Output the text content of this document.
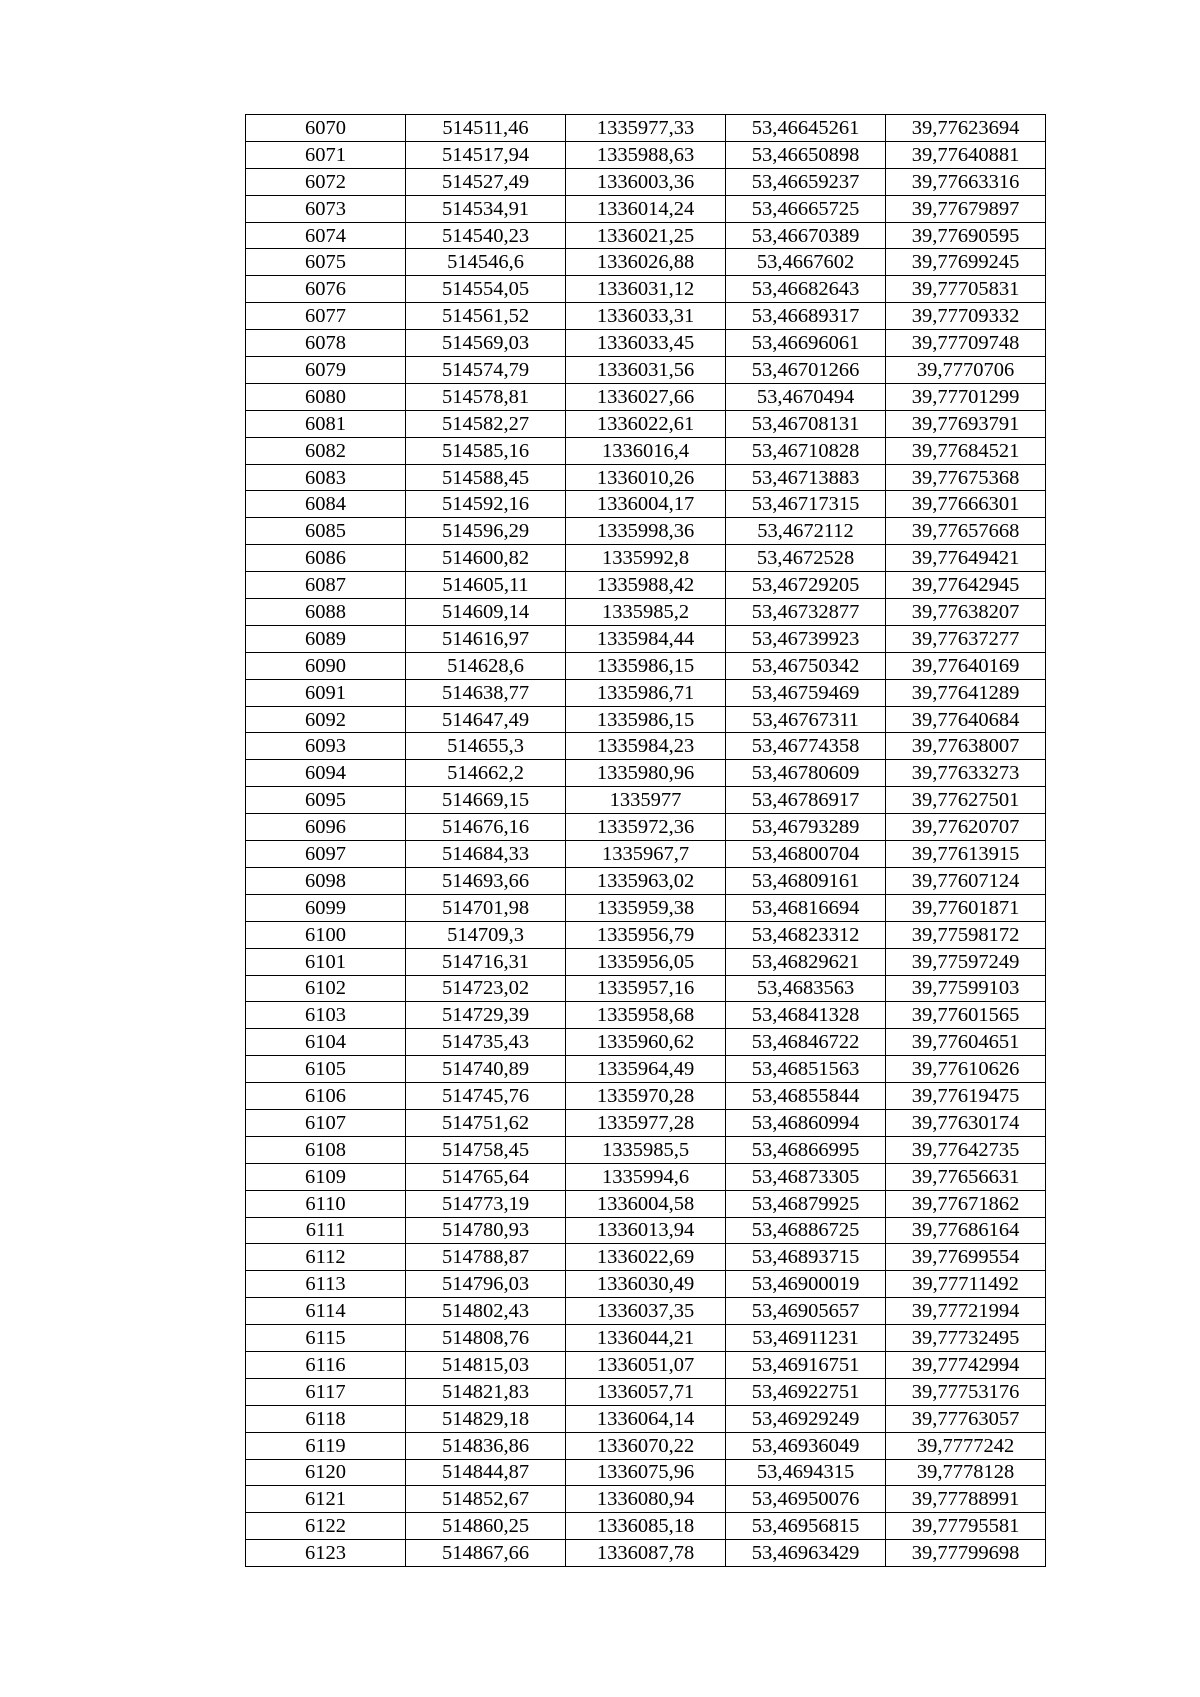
6070	514511,46	1335977,33	53,46645261	39,77623694
6071	514517,94	1335988,63	53,46650898	39,77640881
6072	514527,49	1336003,36	53,46659237	39,77663316
6073	514534,91	1336014,24	53,46665725	39,77679897
6074	514540,23	1336021,25	53,46670389	39,77690595
6075	514546,6	1336026,88	53,4667602	39,77699245
6076	514554,05	1336031,12	53,46682643	39,77705831
6077	514561,52	1336033,31	53,46689317	39,77709332
6078	514569,03	1336033,45	53,46696061	39,77709748
6079	514574,79	1336031,56	53,46701266	39,7770706
6080	514578,81	1336027,66	53,4670494	39,77701299
6081	514582,27	1336022,61	53,46708131	39,77693791
6082	514585,16	1336016,4	53,46710828	39,77684521
6083	514588,45	1336010,26	53,46713883	39,77675368
6084	514592,16	1336004,17	53,46717315	39,77666301
6085	514596,29	1335998,36	53,4672112	39,77657668
6086	514600,82	1335992,8	53,4672528	39,77649421
6087	514605,11	1335988,42	53,46729205	39,77642945
6088	514609,14	1335985,2	53,46732877	39,77638207
6089	514616,97	1335984,44	53,46739923	39,77637277
6090	514628,6	1335986,15	53,46750342	39,77640169
6091	514638,77	1335986,71	53,46759469	39,77641289
6092	514647,49	1335986,15	53,46767311	39,77640684
6093	514655,3	1335984,23	53,46774358	39,77638007
6094	514662,2	1335980,96	53,46780609	39,77633273
6095	514669,15	1335977	53,46786917	39,77627501
6096	514676,16	1335972,36	53,46793289	39,77620707
6097	514684,33	1335967,7	53,46800704	39,77613915
6098	514693,66	1335963,02	53,46809161	39,77607124
6099	514701,98	1335959,38	53,46816694	39,77601871
6100	514709,3	1335956,79	53,46823312	39,77598172
6101	514716,31	1335956,05	53,46829621	39,77597249
6102	514723,02	1335957,16	53,4683563	39,77599103
6103	514729,39	1335958,68	53,46841328	39,77601565
6104	514735,43	1335960,62	53,46846722	39,77604651
6105	514740,89	1335964,49	53,46851563	39,77610626
6106	514745,76	1335970,28	53,46855844	39,77619475
6107	514751,62	1335977,28	53,46860994	39,77630174
6108	514758,45	1335985,5	53,46866995	39,77642735
6109	514765,64	1335994,6	53,46873305	39,77656631
6110	514773,19	1336004,58	53,46879925	39,77671862
6111	514780,93	1336013,94	53,46886725	39,77686164
6112	514788,87	1336022,69	53,46893715	39,77699554
6113	514796,03	1336030,49	53,46900019	39,77711492
6114	514802,43	1336037,35	53,46905657	39,77721994
6115	514808,76	1336044,21	53,46911231	39,77732495
6116	514815,03	1336051,07	53,46916751	39,77742994
6117	514821,83	1336057,71	53,46922751	39,77753176
6118	514829,18	1336064,14	53,46929249	39,77763057
6119	514836,86	1336070,22	53,46936049	39,7777242
6120	514844,87	1336075,96	53,4694315	39,7778128
6121	514852,67	1336080,94	53,46950076	39,77788991
6122	514860,25	1336085,18	53,46956815	39,77795581
6123	514867,66	1336087,78	53,46963429	39,77799698
